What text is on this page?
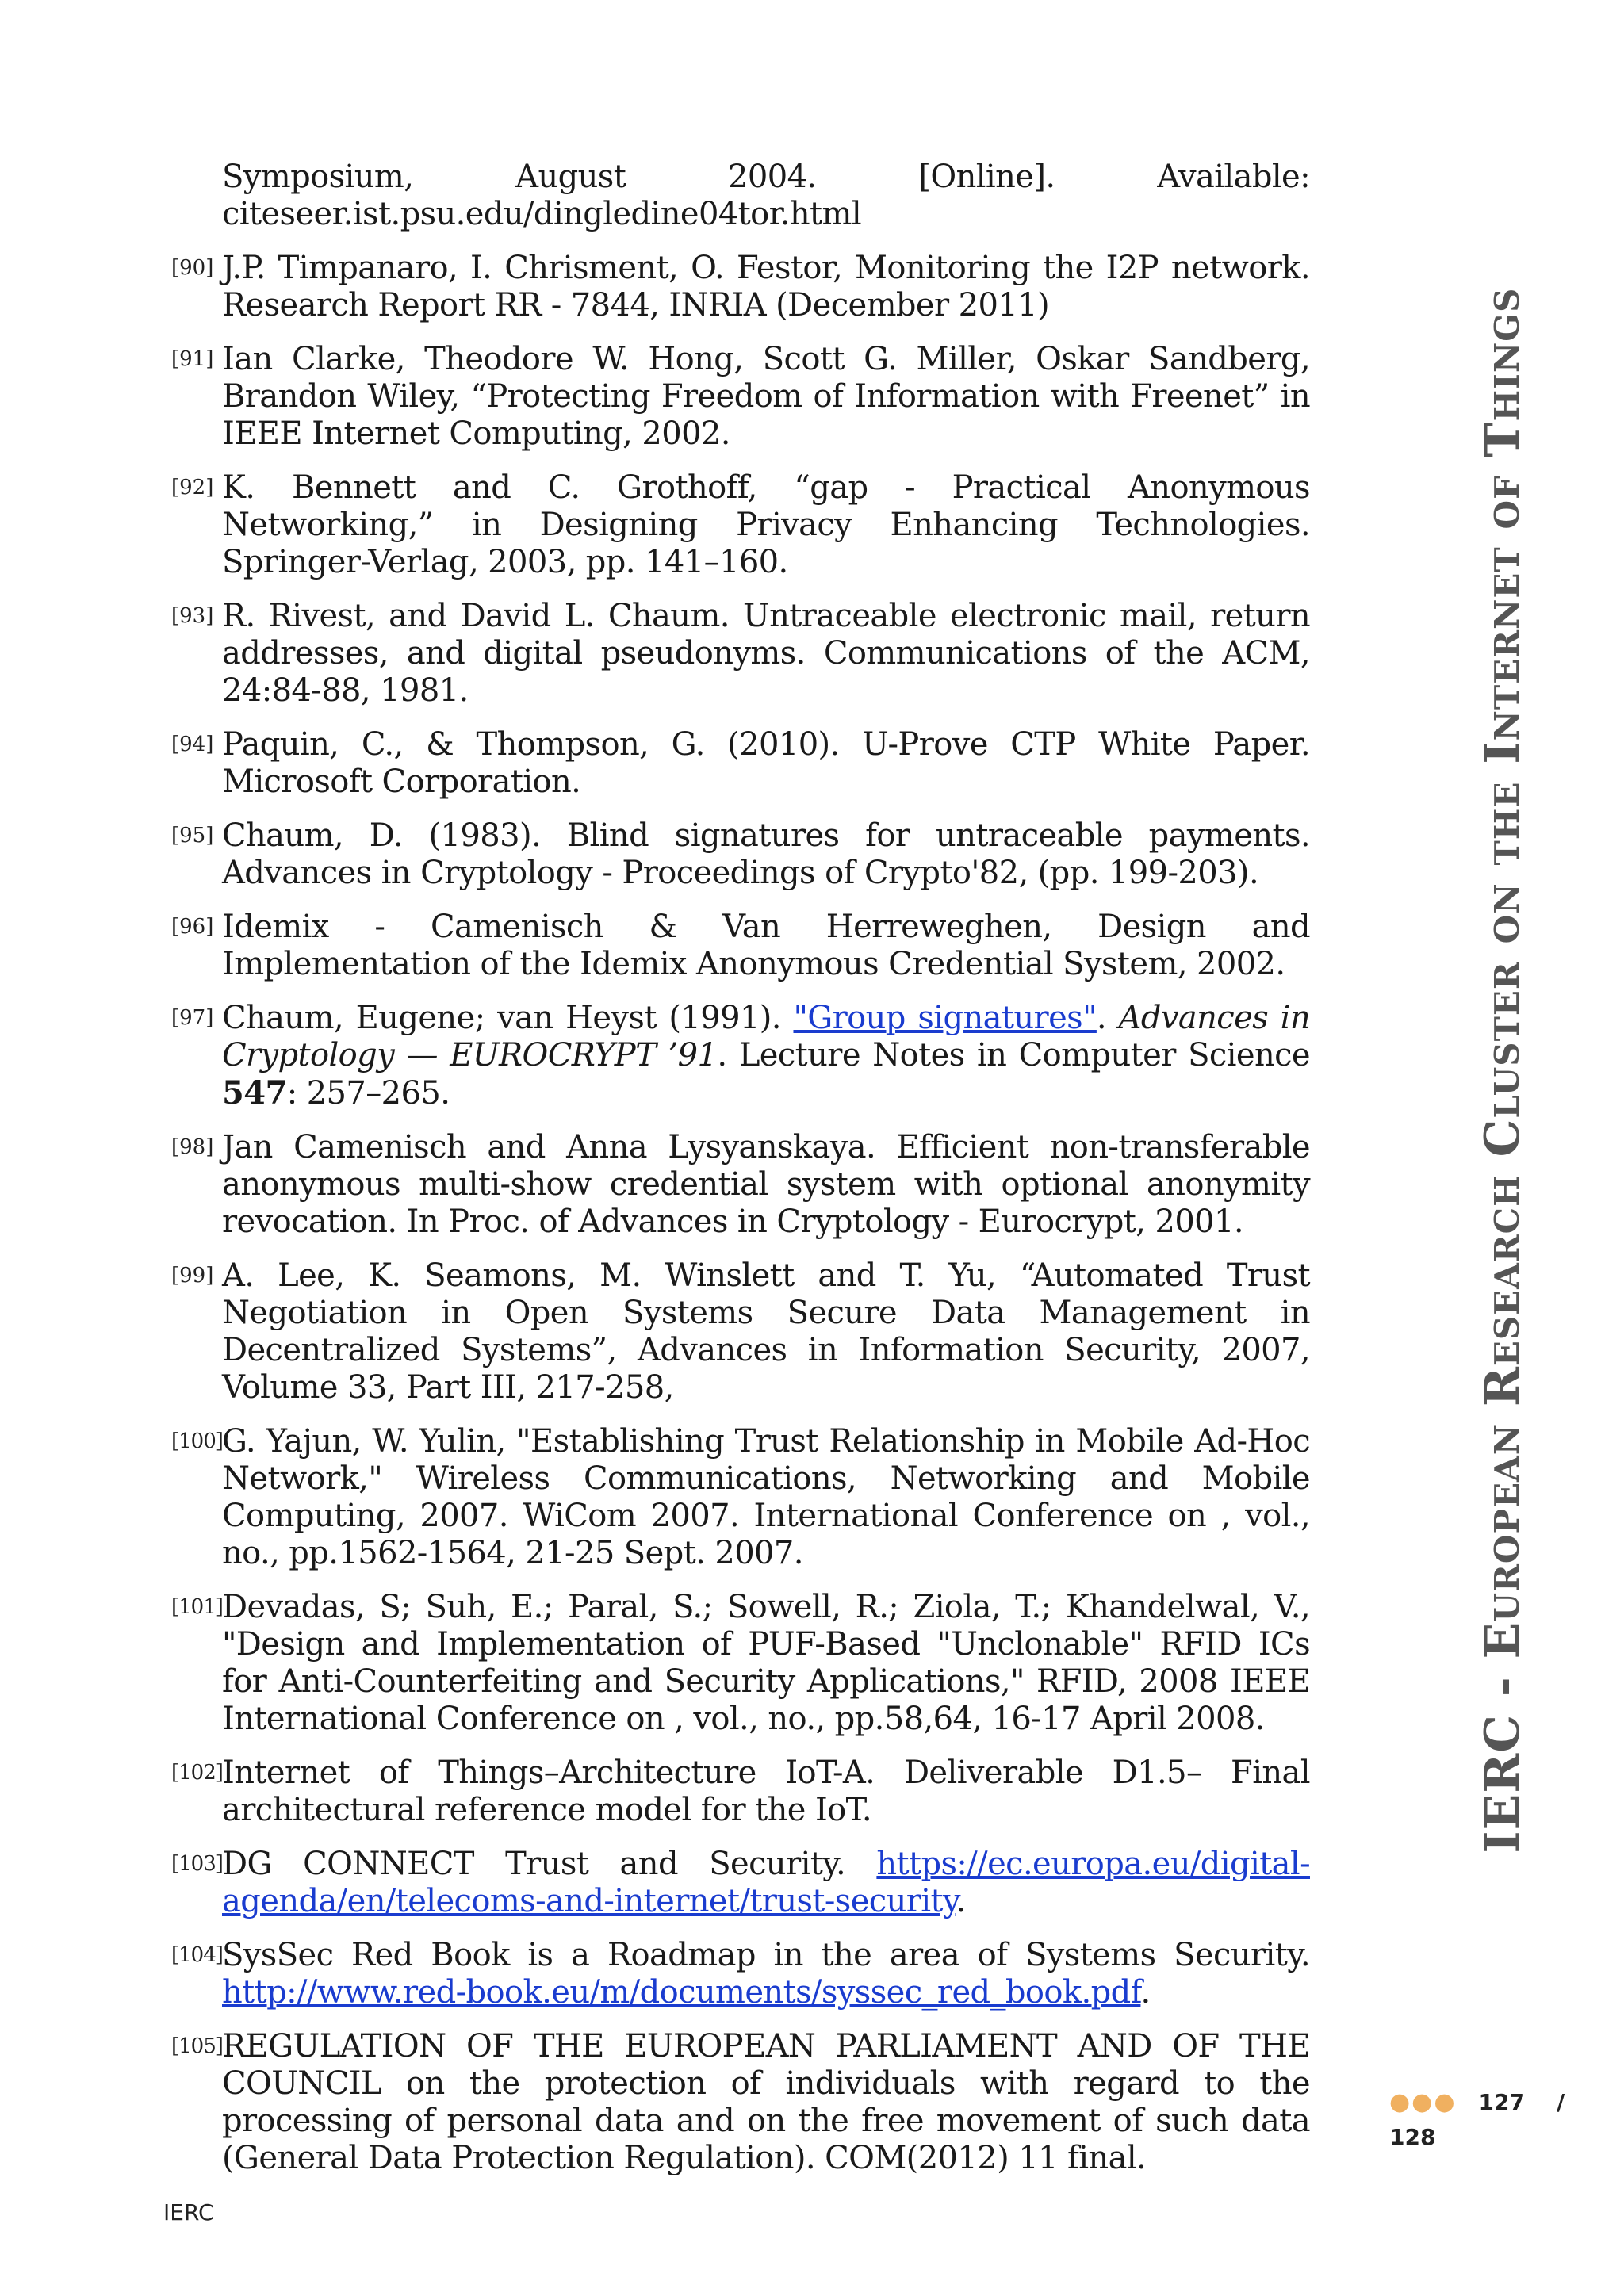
Symposium, August 2004. [Online]. Available: citeseer.ist.psu.edu/dingledine04tor.html
[90] J.P. Timpanaro, I. Chrisment, O. Festor, Monitoring the I2P network. Research Report RR - 7844, INRIA (December 2011)
[91] Ian Clarke, Theodore W. Hong, Scott G. Miller, Oskar Sandberg, Brandon Wiley, “Protecting Freedom of Information with Freenet” in IEEE Internet Computing, 2002.
[92] K. Bennett and C. Grothoff, “gap - Practical Anonymous Networking,” in Designing Privacy Enhancing Technologies. Springer-Verlag, 2003, pp. 141–160.
[93] R. Rivest, and David L. Chaum. Untraceable electronic mail, return addresses, and digital pseudonyms. Communications of the ACM, 24:84-88, 1981.
[94] Paquin, C., & Thompson, G. (2010). U-Prove CTP White Paper. Microsoft Corporation.
[95] Chaum, D. (1983). Blind signatures for untraceable payments. Advances in Cryptology - Proceedings of Crypto'82, (pp. 199-203).
[96] Idemix - Camenisch & Van Herreweghen, Design and Implementation of the Idemix Anonymous Credential System, 2002.
[97] Chaum, Eugene; van Heyst (1991). "Group signatures". Advances in Cryptology — EUROCRYPT ’91. Lecture Notes in Computer Science 547: 257–265.
[98] Jan Camenisch and Anna Lysyanskaya. Efficient non-transferable anonymous multi-show credential system with optional anonymity revocation. In Proc. of Advances in Cryptology - Eurocrypt, 2001.
[99] A. Lee, K. Seamons, M. Winslett and T. Yu, “Automated Trust Negotiation in Open Systems Secure Data Management in Decentralized Systems”, Advances in Information Security, 2007, Volume 33, Part III, 217-258,
[100] G. Yajun, W. Yulin, "Establishing Trust Relationship in Mobile Ad-Hoc Network," Wireless Communications, Networking and Mobile Computing, 2007. WiCom 2007. International Conference on , vol., no., pp.1562-1564, 21-25 Sept. 2007.
[101] Devadas, S; Suh, E.; Paral, S.; Sowell, R.; Ziola, T.; Khandelwal, V., "Design and Implementation of PUF-Based "Unclonable" RFID ICs for Anti-Counterfeiting and Security Applications," RFID, 2008 IEEE International Conference on , vol., no., pp.58,64, 16-17 April 2008.
[102] Internet of Things–Architecture IoT-A. Deliverable D1.5– Final architectural reference model for the IoT.
[103] DG CONNECT Trust and Security. https://ec.europa.eu/digital-agenda/en/telecoms-and-internet/trust-security.
[104] SysSec Red Book is a Roadmap in the area of Systems Security. http://www.red-book.eu/m/documents/syssec_red_book.pdf.
[105] REGULATION OF THE EUROPEAN PARLIAMENT AND OF THE COUNCIL on the protection of individuals with regard to the processing of personal data and on the free movement of such data (General Data Protection Regulation). COM(2012) 11 final.
IERC - European Research Cluster on the Internet of Things
●●● 127 /
128
IERC
